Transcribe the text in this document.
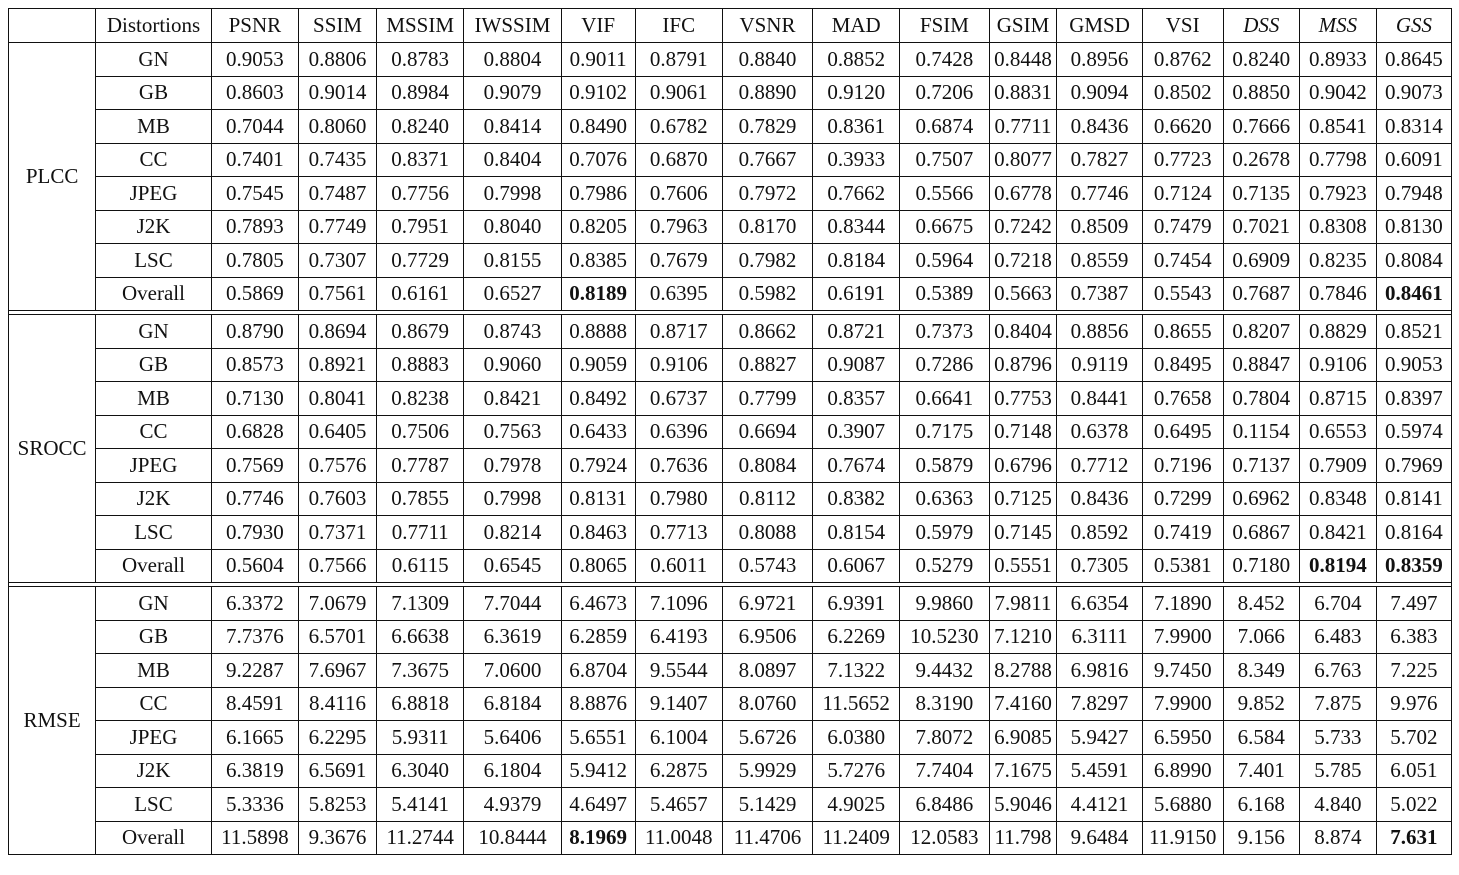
	Distortions	PSNR	SSIM	MSSIM	IWSSIM	VIF	IFC	VSNR	MAD	FSIM	GSIM	GMSD	VSI	DSS	MSS	GSS
PLCC	GN	0.9053	0.8806	0.8783	0.8804	0.9011	0.8791	0.8840	0.8852	0.7428	0.8448	0.8956	0.8762	0.8240	0.8933	0.8645
	GB	0.8603	0.9014	0.8984	0.9079	0.9102	0.9061	0.8890	0.9120	0.7206	0.8831	0.9094	0.8502	0.8850	0.9042	0.9073
	MB	0.7044	0.8060	0.8240	0.8414	0.8490	0.6782	0.7829	0.8361	0.6874	0.7711	0.8436	0.6620	0.7666	0.8541	0.8314
	CC	0.7401	0.7435	0.8371	0.8404	0.7076	0.6870	0.7667	0.3933	0.7507	0.8077	0.7827	0.7723	0.2678	0.7798	0.6091
	JPEG	0.7545	0.7487	0.7756	0.7998	0.7986	0.7606	0.7972	0.7662	0.5566	0.6778	0.7746	0.7124	0.7135	0.7923	0.7948
	J2K	0.7893	0.7749	0.7951	0.8040	0.8205	0.7963	0.8170	0.8344	0.6675	0.7242	0.8509	0.7479	0.7021	0.8308	0.8130
	LSC	0.7805	0.7307	0.7729	0.8155	0.8385	0.7679	0.7982	0.8184	0.5964	0.7218	0.8559	0.7454	0.6909	0.8235	0.8084
	Overall	0.5869	0.7561	0.6161	0.6527	0.8189	0.6395	0.5982	0.6191	0.5389	0.5663	0.7387	0.5543	0.7687	0.7846	0.8461

SROCC	GN	0.8790	0.8694	0.8679	0.8743	0.8888	0.8717	0.8662	0.8721	0.7373	0.8404	0.8856	0.8655	0.8207	0.8829	0.8521
	GB	0.8573	0.8921	0.8883	0.9060	0.9059	0.9106	0.8827	0.9087	0.7286	0.8796	0.9119	0.8495	0.8847	0.9106	0.9053
	MB	0.7130	0.8041	0.8238	0.8421	0.8492	0.6737	0.7799	0.8357	0.6641	0.7753	0.8441	0.7658	0.7804	0.8715	0.8397
	CC	0.6828	0.6405	0.7506	0.7563	0.6433	0.6396	0.6694	0.3907	0.7175	0.7148	0.6378	0.6495	0.1154	0.6553	0.5974
	JPEG	0.7569	0.7576	0.7787	0.7978	0.7924	0.7636	0.8084	0.7674	0.5879	0.6796	0.7712	0.7196	0.7137	0.7909	0.7969
	J2K	0.7746	0.7603	0.7855	0.7998	0.8131	0.7980	0.8112	0.8382	0.6363	0.7125	0.8436	0.7299	0.6962	0.8348	0.8141
	LSC	0.7930	0.7371	0.7711	0.8214	0.8463	0.7713	0.8088	0.8154	0.5979	0.7145	0.8592	0.7419	0.6867	0.8421	0.8164
	Overall	0.5604	0.7566	0.6115	0.6545	0.8065	0.6011	0.5743	0.6067	0.5279	0.5551	0.7305	0.5381	0.7180	0.8194	0.8359

RMSE	GN	6.3372	7.0679	7.1309	7.7044	6.4673	7.1096	6.9721	6.9391	9.9860	7.9811	6.6354	7.1890	8.452	6.704	7.497
	GB	7.7376	6.5701	6.6638	6.3619	6.2859	6.4193	6.9506	6.2269	10.5230	7.1210	6.3111	7.9900	7.066	6.483	6.383
	MB	9.2287	7.6967	7.3675	7.0600	6.8704	9.5544	8.0897	7.1322	9.4432	8.2788	6.9816	9.7450	8.349	6.763	7.225
	CC	8.4591	8.4116	6.8818	6.8184	8.8876	9.1407	8.0760	11.5652	8.3190	7.4160	7.8297	7.9900	9.852	7.875	9.976
	JPEG	6.1665	6.2295	5.9311	5.6406	5.6551	6.1004	5.6726	6.0380	7.8072	6.9085	5.9427	6.5950	6.584	5.733	5.702
	J2K	6.3819	6.5691	6.3040	6.1804	5.9412	6.2875	5.9929	5.7276	7.7404	7.1675	5.4591	6.8990	7.401	5.785	6.051
	LSC	5.3336	5.8253	5.4141	4.9379	4.6497	5.4657	5.1429	4.9025	6.8486	5.9046	4.4121	5.6880	6.168	4.840	5.022
	Overall	11.5898	9.3676	11.2744	10.8444	8.1969	11.0048	11.4706	11.2409	12.0583	11.798	9.6484	11.9150	9.156	8.874	7.631
